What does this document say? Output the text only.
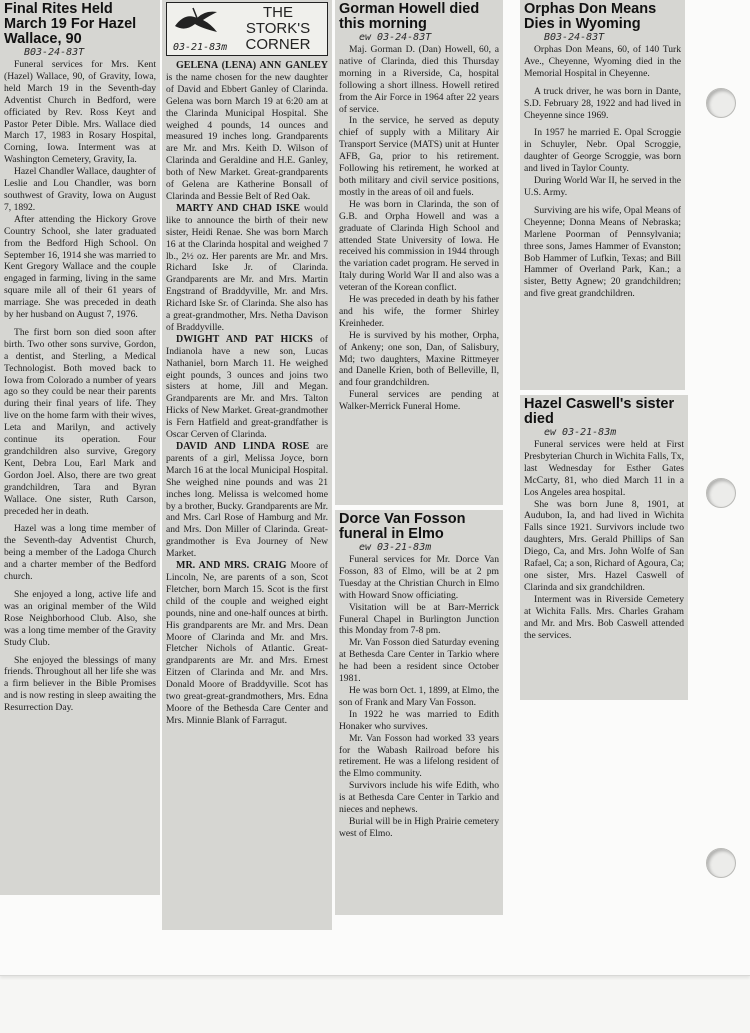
Final Rites Held March 19 For Hazel Wallace, 90
B03-24-83T

Funeral services for Mrs. Kent (Hazel) Wallace, 90, of Gravity, Iowa, held March 19 in the Seventh-day Adventist Church in Bedford, were officiated by Rev. Ross Keyt and Pastor Peter Dible. Mrs. Wallace died March 17, 1983 in Rosary Hospital, Corning, Iowa. Interment was at Washington Cemetery, Gravity, Ia.

Hazel Chandler Wallace, daughter of Leslie and Lou Chandler, was born southwest of Gravity, Iowa on August 7, 1892.

After attending the Hickory Grove Country School, she later graduated from the Bedford High School. On September 16, 1914 she was married to Kent Gregory Wallace and the couple engaged in farming, living in the same square mile all of their 61 years of marriage. She was preceded in death by her husband on August 7, 1976.

The first born son died soon after birth. Two other sons survive, Gordon, a dentist, and Sterling, a Medical Technologist. Both moved back to Iowa from Colorado a number of years ago so they could be near their parents during their final years of life. They live on the home farm with their wives, Leta and Marilyn, and actively continue its operation. Four grandchildren also survive, Gregory Kent, Debra Lou, Earl Mark and Gordon Joel. Also, there are two great grandchildren, Tara and Byran Wallace. One sister, Ruth Carson, preceded her in death.

Hazel was a long time member of the Seventh-day Adventist Church, being a member of the Ladoga Church and a charter member of the Bedford church.

She enjoyed a long, active life and was an original member of the Wild Rose Neighborhood Club. Also, she was a long time member of the Gravity Study Club.

She enjoyed the blessings of many friends. Throughout all her life she was a firm believer in the Bible Promises and is now resting in sleep awaiting the Resurrection Day.

THE STORK'S CORNER
03-21-83m

GELENA (LENA) ANN GANLEY is the name chosen for the new daughter of David and Ebbert Ganley of Clarinda. Gelena was born March 19 at 6:20 am at the Clarinda Municipal Hospital. She weighed 4 pounds, 14 ounces and measured 19 inches long. Grandparents are Mr. and Mrs. Keith D. Wilson of Clarinda and Geraldine and H.E. Ganley, both of New Market. Great-grandparents of Gelena are Katherine Bonsall of Clarinda and Bessie Belt of Red Oak.

MARTY AND CHAD ISKE would like to announce the birth of their new sister, Heidi Renae. She was born March 16 at the Clarinda hospital and weighed 7 lb., 2½ oz. Her parents are Mr. and Mrs. Richard Iske Jr. of Clarinda. Grandparents are Mr. and Mrs. Martin Engstrand of Braddyville, Mr. and Mrs. Richard Iske Sr. of Clarinda. She also has a great-grandmother, Mrs. Netha Davison of Braddyville.

DWIGHT AND PAT HICKS of Indianola have a new son, Lucas Nathaniel, born March 11. He weighed eight pounds, 3 ounces and joins two sisters at home, Jill and Megan. Grandparents are Mr. and Mrs. Talton Hicks of New Market. Great-grandmother is Fern Hatfield and great-grandfather is Oscar Cerven of Clarinda.

DAVID AND LINDA ROSE are parents of a girl, Melissa Joyce, born March 16 at the local Municipal Hospital. She weighed nine pounds and was 21 inches long. Melissa is welcomed home by a brother, Bucky. Grandparents are Mr. and Mrs. Carl Rose of Hamburg and Mr. and Mrs. Don Miller of Clarinda. Great-grandmother is Eva Journey of New Market.

MR. AND MRS. CRAIG Moore of Lincoln, Ne, are parents of a son, Scot Fletcher, born March 15. Scot is the first child of the couple and weighed eight pounds, nine and one-half ounces at birth. His grandparents are Mr. and Mrs. Dean Moore of Clarinda and Mr. and Mrs. Fletcher Nichols of Atlantic. Great-grandparents are Mr. and Mrs. Ernest Eitzen of Clarinda and Mr. and Mrs. Donald Moore of Braddyville. Scot has two great-great-grandmothers, Mrs. Edna Moore of the Bethesda Care Center and Mrs. Minnie Blank of Farragut.

Gorman Howell died this morning
ew 03-24-83T

Maj. Gorman D. (Dan) Howell, 60, a native of Clarinda, died this Thursday morning in a Riverside, Ca, hospital following a short illness. Howell retired from the Air Force in 1964 after 22 years of service.

In the service, he served as deputy chief of supply with a Military Air Transport Service (MATS) unit at Hunter AFB, Ga, prior to his retirement. Following his retirement, he worked at both military and civil service positions, mostly in the areas of oil and fuels.

He was born in Clarinda, the son of G.B. and Orpha Howell and was a graduate of Clarinda High School and attended State University of Iowa. He received his commission in 1944 through the variation cadet program. He served in Italy during World War II and also was a veteran of the Korean conflict.

He was preceded in death by his father and his wife, the former Shirley Kreinheder.

He is survived by his mother, Orpha, of Ankeny; one son, Dan, of Salisbury, Md; two daughters, Maxine Rittmeyer and Danelle Krien, both of Belleville, Il, and four grandchildren.

Funeral services are pending at Walker-Merrick Funeral Home.

Dorce Van Fosson funeral in Elmo
ew 03-21-83m

Funeral services for Mr. Dorce Van Fosson, 83 of Elmo, will be at 2 pm Tuesday at the Christian Church in Elmo with Howard Snow officiating.

Visitation will be at Barr-Merrick Funeral Chapel in Burlington Junction this Monday from 7-8 pm.

Mr. Van Fosson died Saturday evening at Bethesda Care Center in Tarkio where he had been a resident since October 1981.

He was born Oct. 1, 1899, at Elmo, the son of Frank and Mary Van Fosson.

In 1922 he was married to Edith Honaker who survives.

Mr. Van Fosson had worked 33 years for the Wabash Railroad before his retirement. He was a lifelong resident of the Elmo community.

Survivors include his wife Edith, who is at Bethesda Care Center in Tarkio and nieces and nephews.

Burial will be in High Prairie cemetery west of Elmo.

Orphas Don Means Dies in Wyoming
B03-24-83T

Orphas Don Means, 60, of 140 Turk Ave., Cheyenne, Wyoming died in the Memorial Hospital in Cheyenne.

A truck driver, he was born in Dante, S.D. February 28, 1922 and had lived in Cheyenne since 1969.

In 1957 he married E. Opal Scroggie in Schuyler, Nebr. Opal Scroggie, daughter of George Scroggie, was born and lived in Taylor County.

During World War II, he served in the U.S. Army.

Surviving are his wife, Opal Means of Cheyenne; Donna Means of Nebraska; Marlene Poorman of Pennsylvania; three sons, James Hammer of Evanston; Bob Hammer of Lufkin, Texas; and Bill Hammer of Overland Park, Kan.; a sister, Betty Agnew; 20 grandchildren; and five great grandchildren.

Hazel Caswell's sister died
ew 03-21-83m

Funeral services were held at First Presbyterian Church in Wichita Falls, Tx, last Wednesday for Esther Gates McCarty, 81, who died March 11 in a Los Angeles area hospital.

She was born June 8, 1901, at Audubon, Ia, and had lived in Wichita Falls since 1921. Survivors include two daughters, Mrs. Gerald Phillips of San Diego, Ca, and Mrs. John Wolfe of San Rafael, Ca; a son, Richard of Agoura, Ca; one sister, Mrs. Hazel Caswell of Clarinda and six grandchildren.

Interment was in Riverside Cemetery at Wichita Falls. Mrs. Charles Graham and Mr. and Mrs. Bob Caswell attended the services.
